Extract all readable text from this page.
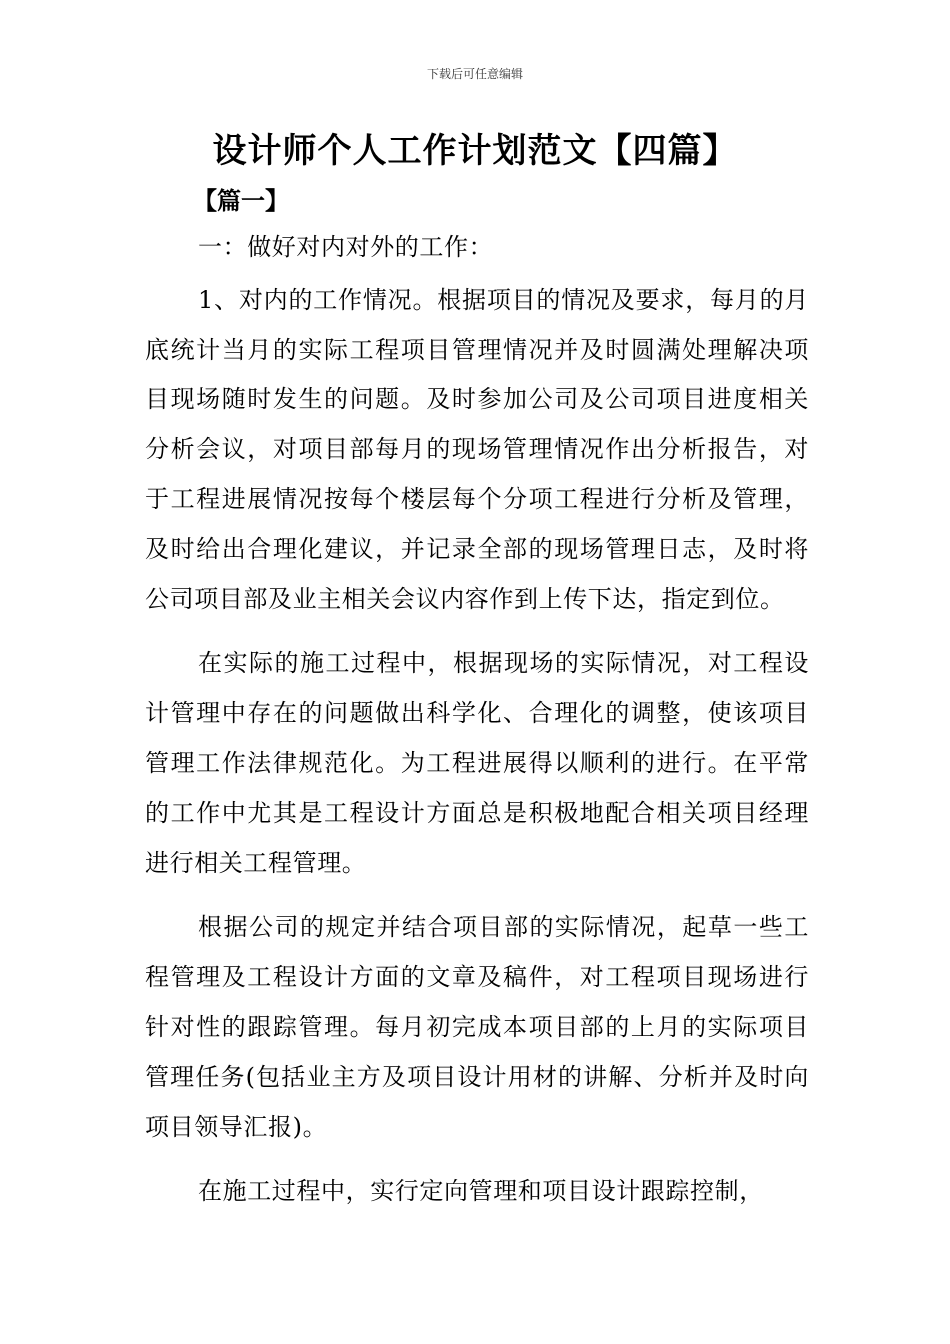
下载后可任意编辑
设计师个人工作计划范文【四篇】
【篇一】

一：做好对内对外的工作：

1、对内的工作情况。根据项目的情况及要求，每月的月底统计当月的实际工程项目管理情况并及时圆满处理解决项目现场随时发生的问题。及时参加公司及公司项目进度相关分析会议，对项目部每月的现场管理情况作出分析报告，对于工程进展情况按每个楼层每个分项工程进行分析及管理，及时给出合理化建议，并记录全部的现场管理日志，及时将公司项目部及业主相关会议内容作到上传下达，指定到位。

在实际的施工过程中，根据现场的实际情况，对工程设计管理中存在的问题做出科学化、合理化的调整，使该项目管理工作法律规范化。为工程进展得以顺利的进行。在平常的工作中尤其是工程设计方面总是积极地配合相关项目经理进行相关工程管理。

根据公司的规定并结合项目部的实际情况，起草一些工程管理及工程设计方面的文章及稿件，对工程项目现场进行针对性的跟踪管理。每月初完成本项目部的上月的实际项目管理任务(包括业主方及项目设计用材的讲解、分析并及时向项目领导汇报)。

在施工过程中，实行定向管理和项目设计跟踪控制，
